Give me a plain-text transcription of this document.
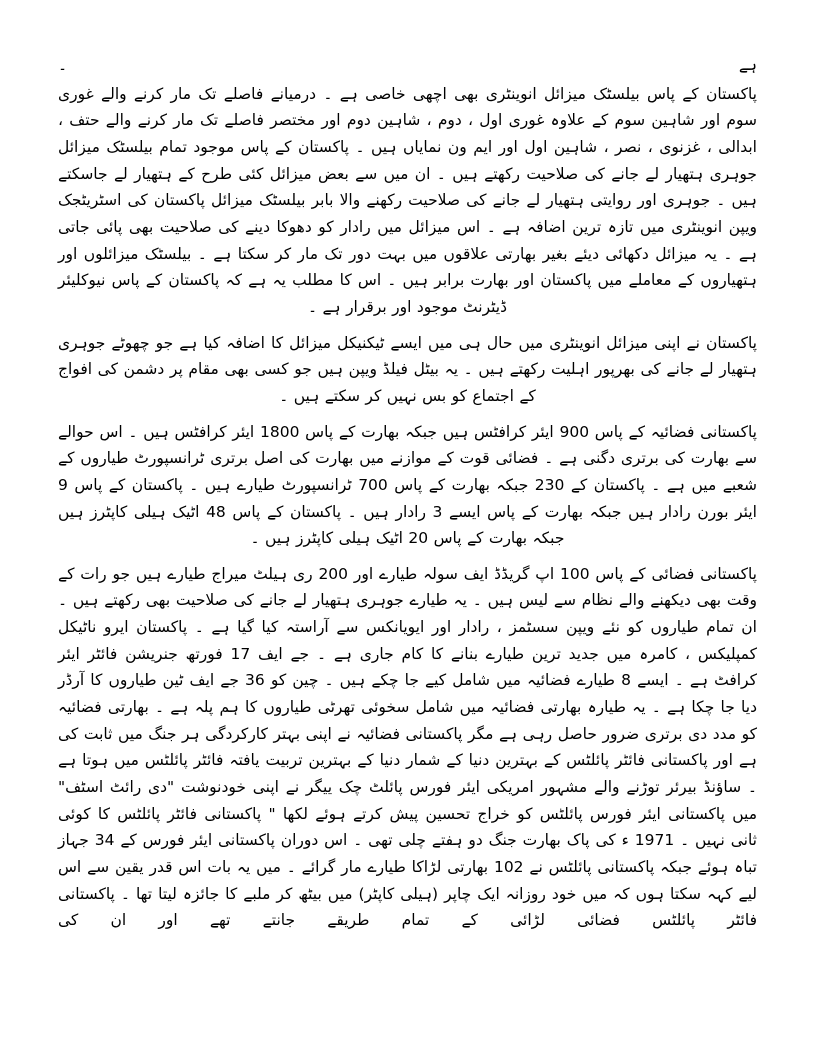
ہے ۔

پاکستان کے پاس بیلسٹک میزائل انوینٹری بھی اچھی خاصی ہے ۔ درمیانے فاصلے تک مار کرنے والے غوری سوم اور شاہین سوم کے علاوہ غوری اول ، دوم ، شاہین دوم اور مختصر فاصلے تک مار کرنے والے حتف ، ابدالی ، غزنوی ، نصر ، شاہین اول اور ایم ون نمایاں ہیں ۔ پاکستان کے پاس موجود تمام بیلسٹک میزائل جوہری ہتھیار لے جانے کی صلاحیت رکھتے ہیں ۔ ان میں سے بعض میزائل کئی طرح کے ہتھیار لے جاسکتے ہیں ۔ جوہری اور روایتی ہتھیار لے جانے کی صلاحیت رکھنے والا بابر بیلسٹک میزائل پاکستان کی اسٹریٹجک ویپن انوینٹری میں تازہ ترین اضافہ ہے ۔ اس میزائل میں رادار کو دھوکا دینے کی صلاحیت بھی پائی جاتی ہے ۔ یہ میزائل دکھائی دیئے بغیر بھارتی علاقوں میں بہت دور تک مار کر سکتا ہے ۔ بیلسٹک میزائلوں اور ہتھیاروں کے معاملے میں پاکستان اور بھارت برابر ہیں ۔ اس کا مطلب یہ ہے کہ پاکستان کے پاس نیوکلیئر ڈیٹرنٹ موجود اور برقرار ہے ۔

پاکستان نے اپنی میزائل انوینٹری میں حال ہی میں ایسے ٹیکنیکل میزائل کا اضافہ کیا ہے جو چھوٹے جوہری ہتھیار لے جانے کی بھرپور اہلیت رکھتے ہیں ۔ یہ بیٹل فیلڈ ویپن ہیں جو کسی بھی مقام پر دشمن کی افواج کے اجتماع کو بس نہیں کر سکتے ہیں ۔

پاکستانی فضائیہ کے پاس 900 ایئر کرافٹس ہیں جبکہ بھارت کے پاس 1800 ایئر کرافٹس ہیں ۔ اس حوالے سے بھارت کی برتری دگنی ہے ۔ فضائی قوت کے موازنے میں بھارت کی اصل برتری ٹرانسپورٹ طیاروں کے شعبے میں ہے ۔ پاکستان کے 230 جبکہ بھارت کے پاس 700 ٹرانسپورٹ طیارے ہیں ۔ پاکستان کے پاس 9 ایئر بورن رادار ہیں جبکہ بھارت کے پاس ایسے 3 رادار ہیں ۔ پاکستان کے پاس 48 اٹیک ہیلی کاپٹرز ہیں جبکہ بھارت کے پاس 20 اٹیک ہیلی کاپٹرز ہیں ۔

پاکستانی فضائی کے پاس 100 اپ گریڈڈ ایف سولہ طیارے اور 200 ری ہیلٹ میراج طیارے ہیں جو رات کے وقت بھی دیکھنے والے نظام سے لیس ہیں ۔ یہ طیارے جوہری ہتھیار لے جانے کی صلاحیت بھی رکھتے ہیں ۔ ان تمام طیاروں کو نئے ویپن سسٹمز ، رادار اور ایویانکس سے آراستہ کیا گیا ہے ۔ پاکستان ایرو ناٹیکل کمپلیکس ، کامرہ میں جدید ترین طیارے بنانے کا کام جاری ہے ۔ جے ایف 17 فورتھ جنریشن فائٹر ایئر کرافٹ ہے ۔ ایسے 8 طیارے فضائیہ میں شامل کیے جا چکے ہیں ۔ چین کو 36 جے ایف ٹین طیاروں کا آرڈر دیا جا چکا ہے ۔ یہ طیارہ بھارتی فضائیہ میں شامل سخوئی تھرٹی طیاروں کا ہم پلہ ہے ۔ بھارتی فضائیہ کو مدد دی برتری ضرور حاصل رہی ہے مگر پاکستانی فضائیہ نے اپنی بہتر کارکردگی ہر جنگ میں ثابت کی ہے اور پاکستانی فائٹر پائلٹس کے بہترین دنیا کے شمار دنیا کے بہترین تربیت یافتہ فائٹر پائلٹس میں ہوتا ہے ۔ ساؤنڈ بیرئر توڑنے والے مشہور امریکی ایئر فورس پائلٹ چک ییگر نے اپنی خودنوشت "دی رائٹ اسٹف" میں پاکستانی ایئر فورس پائلٹس کو خراج تحسین پیش کرتے ہوئے لکھا " پاکستانی فائٹر پائلٹس کا کوئی ثانی نہیں ۔ 1971 ء کی پاک بھارت جنگ دو ہفتے چلی تھی ۔ اس دوران پاکستانی ایئر فورس کے 34 جہاز تباہ ہوئے جبکہ پاکستانی پائلٹس نے 102 بھارتی لڑاکا طیارے مار گرائے ۔ میں یہ بات اس قدر یقین سے اس لیے کہہ سکتا ہوں کہ میں خود روزانہ ایک چاپر (ہیلی کاپٹر) میں بیٹھ کر ملبے کا جائزہ لیتا تھا ۔ پاکستانی فائٹر پائلٹس فضائی لڑائی کے تمام طریقے جانتے تھے اور ان کی
